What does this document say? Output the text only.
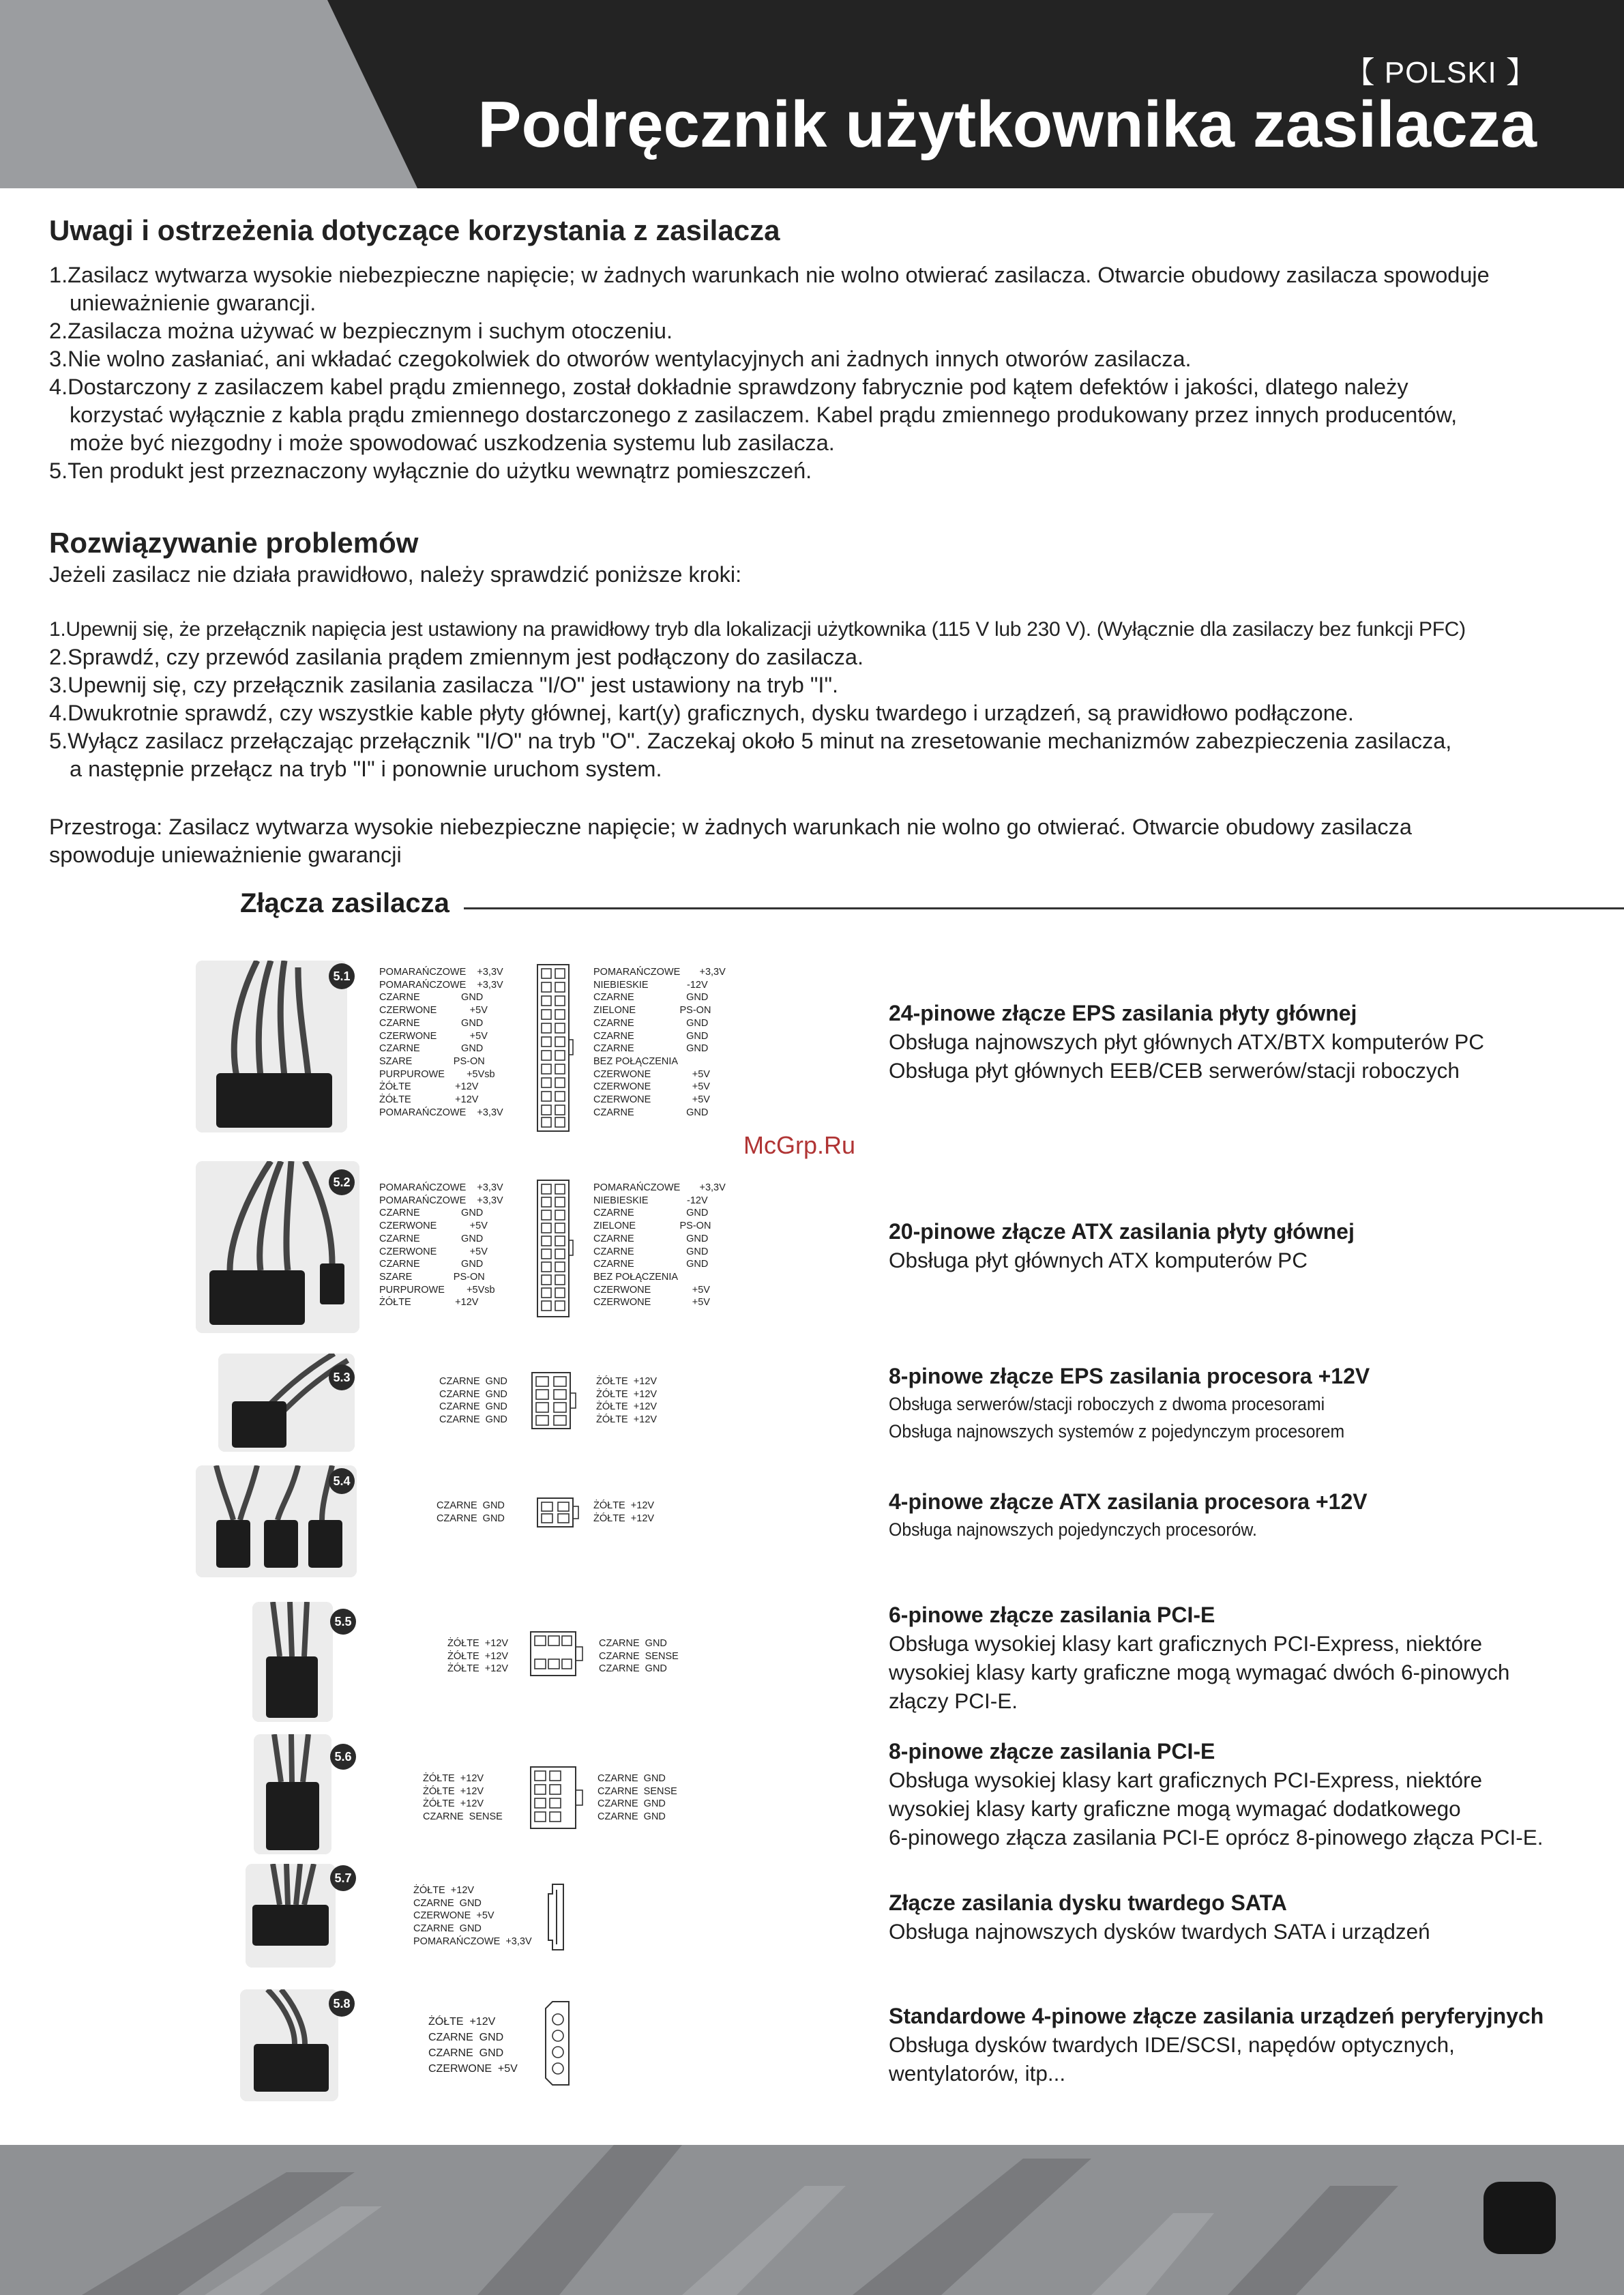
【 POLSKI 】
Podręcznik użytkownika zasilacza
Uwagi i ostrzeżenia dotyczące korzystania z zasilacza

1.Zasilacz wytwarza wysokie niebezpieczne napięcie; w żadnych warunkach nie wolno otwierać zasilacza. Otwarcie obudowy zasilacza spowoduje

unieważnienie gwarancji.

2.Zasilacza można używać w bezpiecznym i suchym otoczeniu.

3.Nie wolno zasłaniać, ani wkładać czegokolwiek do otworów wentylacyjnych ani żadnych innych otworów zasilacza.

4.Dostarczony z zasilaczem kabel prądu zmiennego, został dokładnie sprawdzony fabrycznie pod kątem defektów i jakości, dlatego należy

korzystać wyłącznie z kabla prądu zmiennego dostarczonego z zasilaczem. Kabel prądu zmiennego produkowany przez innych producentów,

może być niezgodny i może spowodować uszkodzenia systemu lub zasilacza.

5.Ten produkt jest przeznaczony wyłącznie do użytku wewnątrz pomieszczeń.

Rozwiązywanie problemów
Jeżeli zasilacz nie działa prawidłowo, należy sprawdzić poniższe kroki:

1.Upewnij się, że przełącznik napięcia jest ustawiony na prawidłowy tryb dla lokalizacji użytkownika (115 V lub 230 V). (Wyłącznie dla zasilaczy bez funkcji PFC)

2.Sprawdź, czy przewód zasilania prądem zmiennym jest podłączony do zasilacza.

3.Upewnij się, czy przełącznik zasilania zasilacza "I/O" jest ustawiony na tryb "I".

4.Dwukrotnie sprawdź, czy wszystkie kable płyty głównej, kart(y) graficznych, dysku twardego i urządzeń, są prawidłowo podłączone.

5.Wyłącz zasilacz przełączając przełącznik "I/O" na tryb "O". Zaczekaj około 5 minut na zresetowanie mechanizmów zabezpieczenia zasilacza,

a następnie przełącz na tryb "I" i ponownie uruchom system.

Przestroga: Zasilacz wytwarza wysokie niebezpieczne napięcie; w żadnych warunkach nie wolno go otwierać. Otwarcie obudowy zasilacza

spowoduje unieważnienie gwarancji

Złącza zasilacza
5.1	POMARAŃCZOWE    +3,3V
POMARAŃCZOWE    +3,3V
CZARNE               GND
CZERWONE            +5V
CZARNE               GND
CZERWONE            +5V
CZARNE               GND
SZARE               PS-ON
PURPUROWE        +5Vsb
ŻÓŁTE                +12V
ŻÓŁTE                +12V
POMARAŃCZOWE    +3,3V
POMARAŃCZOWE       +3,3V
NIEBIESKIE              -12V
CZARNE                   GND
ZIELONE                PS-ON
CZARNE                   GND
CZARNE                   GND
CZARNE                   GND
BEZ POŁĄCZENIA
CZERWONE               +5V
CZERWONE               +5V
CZERWONE               +5V
CZARNE                   GND
24-pinowe złącze EPS zasilania płyty głównej
Obsługa najnowszych płyt głównych ATX/BTX komputerów PC
Obsługa płyt głównych EEB/CEB serwerów/stacji roboczych
McGrp.Ru
5.2	POMARAŃCZOWE    +3,3V
POMARAŃCZOWE    +3,3V
CZARNE               GND
CZERWONE            +5V
CZARNE               GND
CZERWONE            +5V
CZARNE               GND
SZARE               PS-ON
PURPUROWE        +5Vsb
ŻÓŁTE                +12V
POMARAŃCZOWE       +3,3V
NIEBIESKIE              -12V
CZARNE                   GND
ZIELONE                PS-ON
CZARNE                   GND
CZARNE                   GND
CZARNE                   GND
BEZ POŁĄCZENIA
CZERWONE               +5V
CZERWONE               +5V
20-pinowe złącze ATX zasilania płyty głównej
Obsługa płyt głównych ATX komputerów PC
5.3	CZARNE  GND
CZARNE  GND
CZARNE  GND
CZARNE  GND
ŻÓŁTE  +12V
ŻÓŁTE  +12V
ŻÓŁTE  +12V
ŻÓŁTE  +12V
8-pinowe złącze EPS zasilania procesora +12V
Obsługa serwerów/stacji roboczych z dwoma procesorami
Obsługa najnowszych systemów z pojedynczym procesorem
5.4
CZARNE  GND
CZARNE  GND
ŻÓŁTE  +12V
ŻÓŁTE  +12V
4-pinowe złącze ATX zasilania procesora +12V
Obsługa najnowszych pojedynczych procesorów.
5.5
ŻÓŁTE  +12V
ŻÓŁTE  +12V
ŻÓŁTE  +12V
CZARNE  GND
CZARNE  SENSE
CZARNE  GND
6-pinowe złącze zasilania PCI-E
Obsługa wysokiej klasy kart graficznych PCI-Express, niektóre
wysokiej klasy karty graficzne mogą wymagać dwóch 6-pinowych
złączy PCI-E.
5.6
ŻÓŁTE  +12V
ŻÓŁTE  +12V
ŻÓŁTE  +12V
CZARNE  SENSE
CZARNE  GND
CZARNE  SENSE
CZARNE  GND
CZARNE  GND
8-pinowe złącze zasilania PCI-E
Obsługa wysokiej klasy kart graficznych PCI-Express, niektóre
wysokiej klasy karty graficzne mogą wymagać dodatkowego
6-pinowego złącza zasilania PCI-E oprócz 8-pinowego złącza PCI-E.
5.7
ŻÓŁTE  +12V
CZARNE  GND
CZERWONE  +5V
CZARNE  GND
POMARAŃCZOWE  +3,3V
Złącze zasilania dysku twardego SATA
Obsługa najnowszych dysków twardych SATA i urządzeń
5.8
ŻÓŁTE  +12V
CZARNE  GND
CZARNE  GND
CZERWONE  +5V
Standardowe 4-pinowe złącze zasilania urządzeń peryferyjnych
Obsługa dysków twardych IDE/SCSI, napędów optycznych,
wentylatorów, itp...
